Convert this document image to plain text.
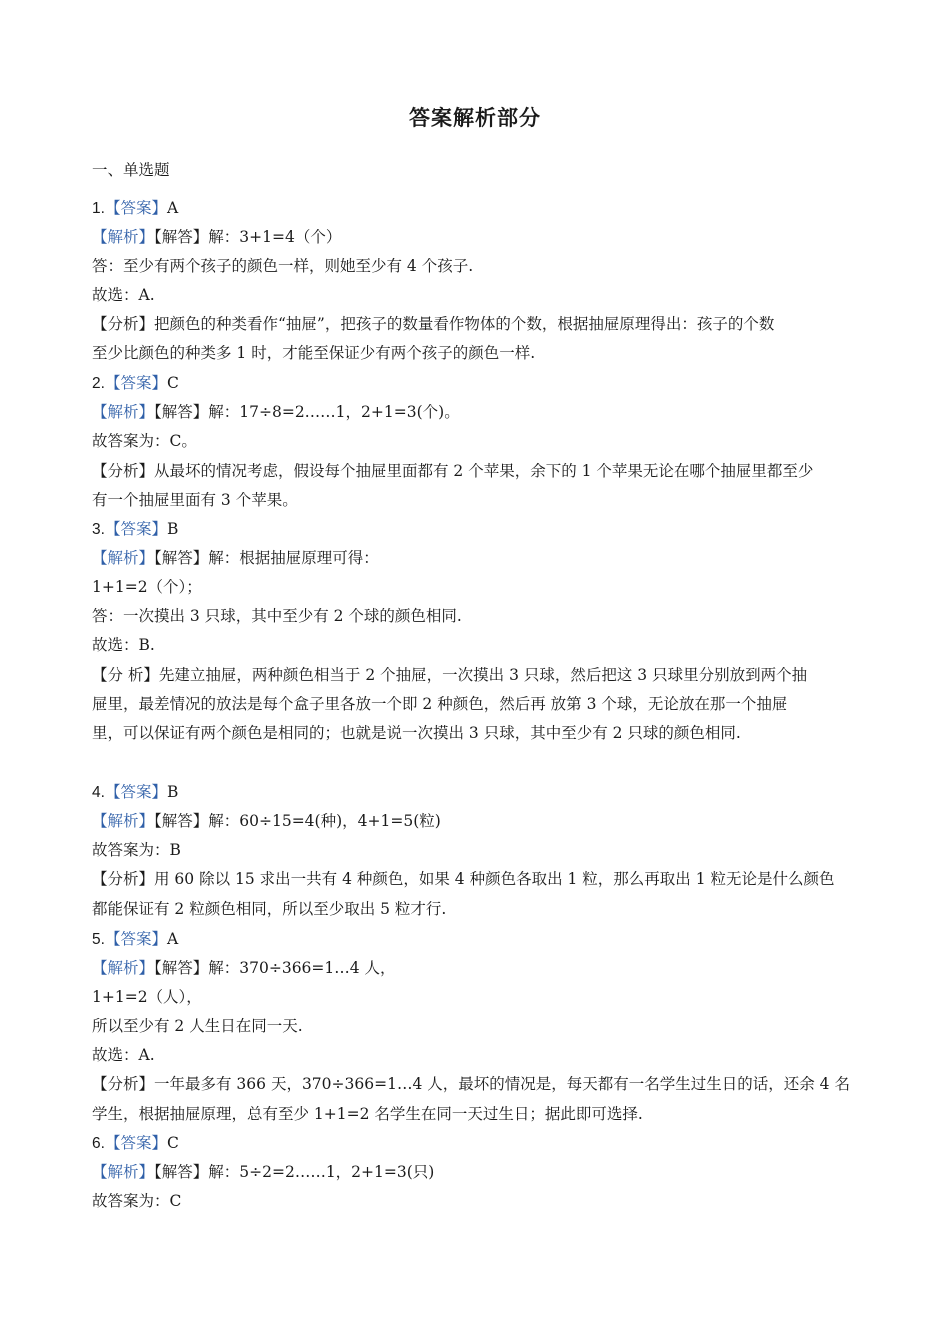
答案解析部分
一、单选题
1.【答案】A
【解析】【解答】解：3+1=4（个）
答：至少有两个孩子的颜色一样，则她至少有 4 个孩子.
故选：A.
【分析】把颜色的种类看作“抽屉”，把孩子的数量看作物体的个数，根据抽屉原理得出：孩子的个数
至少比颜色的种类多 1 时，才能至保证少有两个孩子的颜色一样.
2.【答案】C
【解析】【解答】解：17÷8=2……1，2+1=3(个)。
故答案为：C。
【分析】从最坏的情况考虑，假设每个抽屉里面都有 2 个苹果，余下的 1 个苹果无论在哪个抽屉里都至少
有一个抽屉里面有 3 个苹果。
3.【答案】B
【解析】【解答】解：根据抽屉原理可得：
1+1=2（个）；
答：一次摸出 3 只球，其中至少有 2 个球的颜色相同.
故选：B.
【分 析】先建立抽屉，两种颜色相当于 2 个抽屉，一次摸出 3 只球，然后把这 3 只球里分别放到两个抽
屉里，最差情况的放法是每个盒子里各放一个即 2 种颜色，然后再 放第 3 个球，无论放在那一个抽屉
里，可以保证有两个颜色是相同的；也就是说一次摸出 3 只球，其中至少有 2 只球的颜色相同.
4.【答案】B
【解析】【解答】解：60÷15=4(种)，4+1=5(粒)
故答案为：B
【分析】用 60 除以 15 求出一共有 4 种颜色，如果 4 种颜色各取出 1 粒，那么再取出 1 粒无论是什么颜色
都能保证有 2 粒颜色相同，所以至少取出 5 粒才行.
5.【答案】A
【解析】【解答】解：370÷366=1…4 人，
1+1=2（人），
所以至少有 2 人生日在同一天.
故选：A.
【分析】一年最多有 366 天，370÷366=1…4 人，最坏的情况是，每天都有一名学生过生日的话，还余 4 名
学生，根据抽屉原理，总有至少 1+1=2 名学生在同一天过生日；据此即可选择.
6.【答案】C
【解析】【解答】解：5÷2=2……1，2+1=3(只)
故答案为：C
